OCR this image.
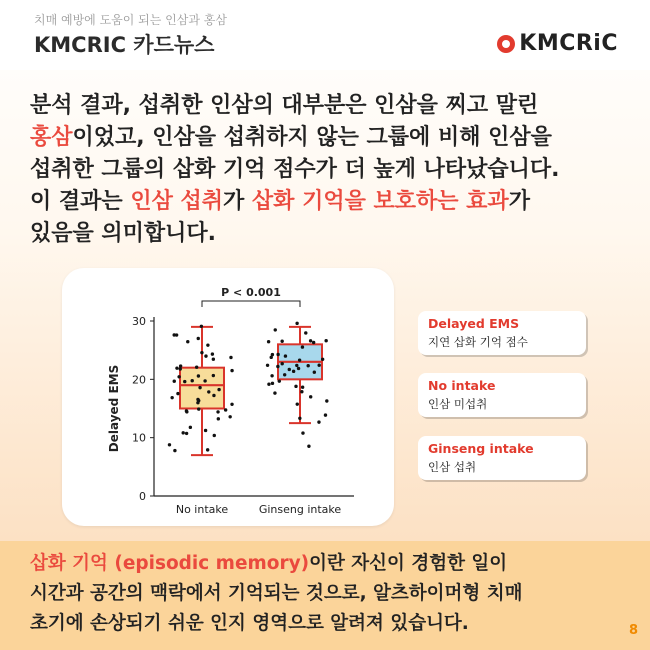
치매 예방에 도움이 되는 인삼과 홍삼
KMCRIC 카드뉴스	KMCRiC
분석 결과, 섭취한 인삼의 대부분은 인삼을 찌고 말린
홍삼이었고, 인삼을 섭취하지 않는 그룹에 비해 인삼을
섭취한 그룹의 삽화 기억 점수가 더 높게 나타났습니다.
이 결과는 인삼 섭취가 삽화 기억을 보호하는 효과가
있음을 의미합니다.
0
10
20
30
Delayed EMS
No intake	Ginseng intake
P < 0.001
Delayed EMS
지연 삽화 기억 점수
No intake
인삼 미섭취
Ginseng intake
인삼 섭취
삽화 기억 (episodic memory)이란 자신이 경험한 일이
시간과 공간의 맥락에서 기억되는 것으로, 알츠하이머형 치매
초기에 손상되기 쉬운 인지 영역으로 알려져 있습니다.	8
